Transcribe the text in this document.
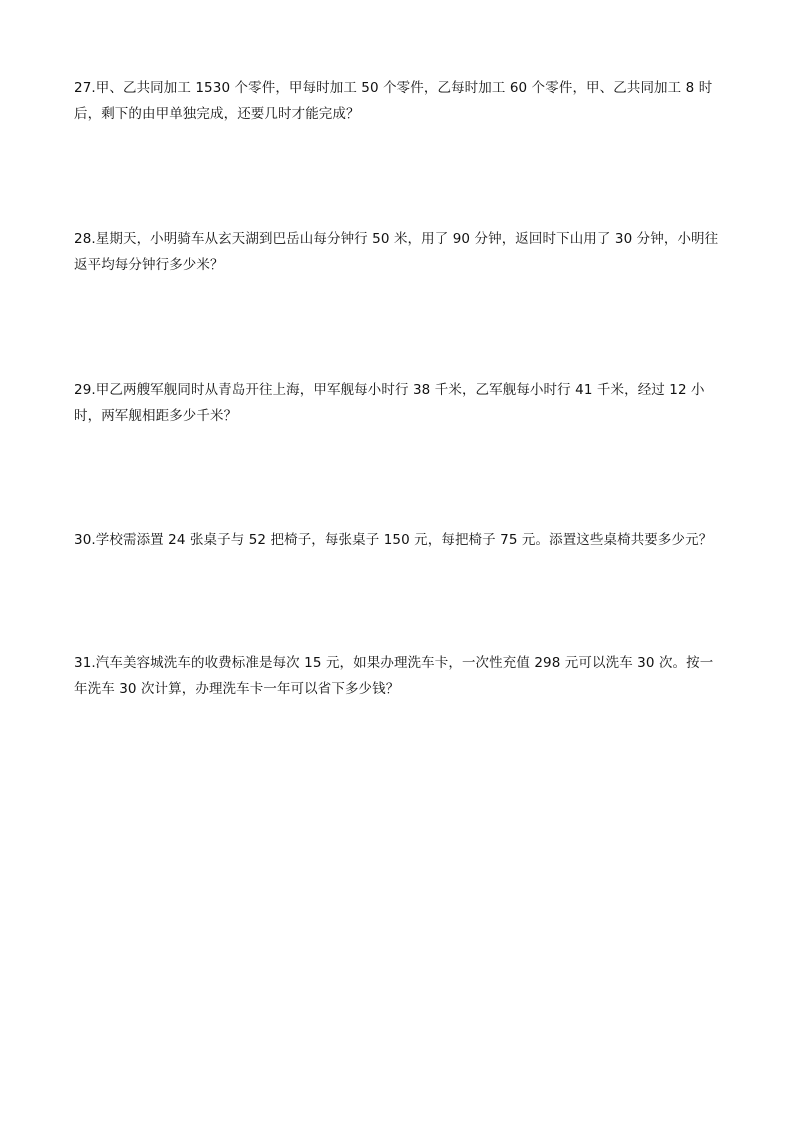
27.甲、乙共同加工 1530 个零件，甲每时加工 50 个零件，乙每时加工 60 个零件，甲、乙共同加工 8 时后，剩下的由甲单独完成，还要几时才能完成？
28.星期天，小明骑车从玄天湖到巴岳山每分钟行 50 米，用了 90 分钟，返回时下山用了 30 分钟，小明往返平均每分钟行多少米？
29.甲乙两艘军舰同时从青岛开往上海，甲军舰每小时行 38 千米，乙军舰每小时行 41 千米，经过 12 小时，两军舰相距多少千米？
30.学校需添置 24 张桌子与 52 把椅子，每张桌子 150 元，每把椅子 75 元。添置这些桌椅共要多少元？
31.汽车美容城洗车的收费标准是每次 15 元，如果办理洗车卡，一次性充值 298 元可以洗车 30 次。按一年洗车 30 次计算，办理洗车卡一年可以省下多少钱？
